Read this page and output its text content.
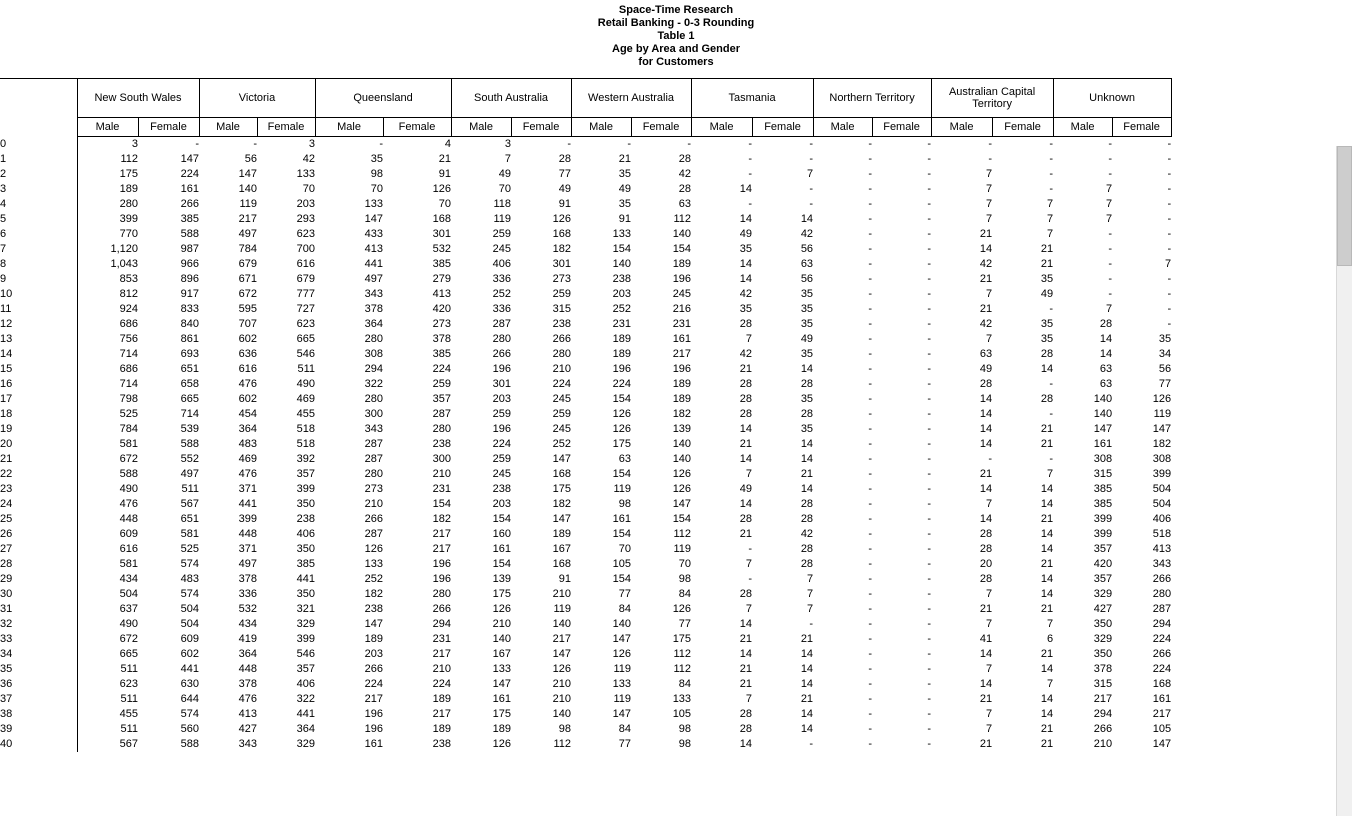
Space-Time Research
Retail Banking - 0-3 Rounding
Table 1
Age by Area and Gender
for Customers
	New South Wales		Victoria		Queensland		South Australia		Western Australia		Tasmania		Northern Territory		Australian Capital Territory		Unknown	
	Male	Female	Male	Female	Male	Female	Male	Female	Male	Female	Male	Female	Male	Female	Male	Female	Male	Female
0	3	-	-	3	-	4	3	-	-	-	-	-	-	-	-	-	-	-
1	112	147	56	42	35	21	7	28	21	28	-	-	-	-	-	-	-	-
2	175	224	147	133	98	91	49	77	35	42	-	7	-	-	7	-	-	-
3	189	161	140	70	70	126	70	49	49	28	14	-	-	-	7	-	7	-
4	280	266	119	203	133	70	118	91	35	63	-	-	-	-	7	7	7	-
5	399	385	217	293	147	168	119	126	91	112	14	14	-	-	7	7	7	-
6	770	588	497	623	433	301	259	168	133	140	49	42	-	-	21	7	-	-
7	1,120	987	784	700	413	532	245	182	154	154	35	56	-	-	14	21	-	-
8	1,043	966	679	616	441	385	406	301	140	189	14	63	-	-	42	21	-	7
9	853	896	671	679	497	279	336	273	238	196	14	56	-	-	21	35	-	-
10	812	917	672	777	343	413	252	259	203	245	42	35	-	-	7	49	-	-
11	924	833	595	727	378	420	336	315	252	216	35	35	-	-	21	-	7	-
12	686	840	707	623	364	273	287	238	231	231	28	35	-	-	42	35	28	-
13	756	861	602	665	280	378	280	266	189	161	7	49	-	-	7	35	14	35
14	714	693	636	546	308	385	266	280	189	217	42	35	-	-	63	28	14	34
15	686	651	616	511	294	224	196	210	196	196	21	14	-	-	49	14	63	56
16	714	658	476	490	322	259	301	224	224	189	28	28	-	-	28	-	63	77
17	798	665	602	469	280	357	203	245	154	189	28	35	-	-	14	28	140	126
18	525	714	454	455	300	287	259	259	126	182	28	28	-	-	14	-	140	119
19	784	539	364	518	343	280	196	245	126	139	14	35	-	-	14	21	147	147
20	581	588	483	518	287	238	224	252	175	140	21	14	-	-	14	21	161	182
21	672	552	469	392	287	300	259	147	63	140	14	14	-	-	-	-	308	308
22	588	497	476	357	280	210	245	168	154	126	7	21	-	-	21	7	315	399
23	490	511	371	399	273	231	238	175	119	126	49	14	-	-	14	14	385	504
24	476	567	441	350	210	154	203	182	98	147	14	28	-	-	7	14	385	504
25	448	651	399	238	266	182	154	147	161	154	28	28	-	-	14	21	399	406
26	609	581	448	406	287	217	160	189	154	112	21	42	-	-	28	14	399	518
27	616	525	371	350	126	217	161	167	70	119	-	28	-	-	28	14	357	413
28	581	574	497	385	133	196	154	168	105	70	7	28	-	-	20	21	420	343
29	434	483	378	441	252	196	139	91	154	98	-	7	-	-	28	14	357	266
30	504	574	336	350	182	280	175	210	77	84	28	7	-	-	7	14	329	280
31	637	504	532	321	238	266	126	119	84	126	7	7	-	-	21	21	427	287
32	490	504	434	329	147	294	210	140	140	77	14	-	-	-	7	7	350	294
33	672	609	419	399	189	231	140	217	147	175	21	21	-	-	41	6	329	224
34	665	602	364	546	203	217	167	147	126	112	14	14	-	-	14	21	350	266
35	511	441	448	357	266	210	133	126	119	112	21	14	-	-	7	14	378	224
36	623	630	378	406	224	224	147	210	133	84	21	14	-	-	14	7	315	168
37	511	644	476	322	217	189	161	210	119	133	7	21	-	-	21	14	217	161
38	455	574	413	441	196	217	175	140	147	105	28	14	-	-	7	14	294	217
39	511	560	427	364	196	189	189	98	84	98	28	14	-	-	7	21	266	105
40	567	588	343	329	161	238	126	112	77	98	14	-	-	-	21	21	210	147
